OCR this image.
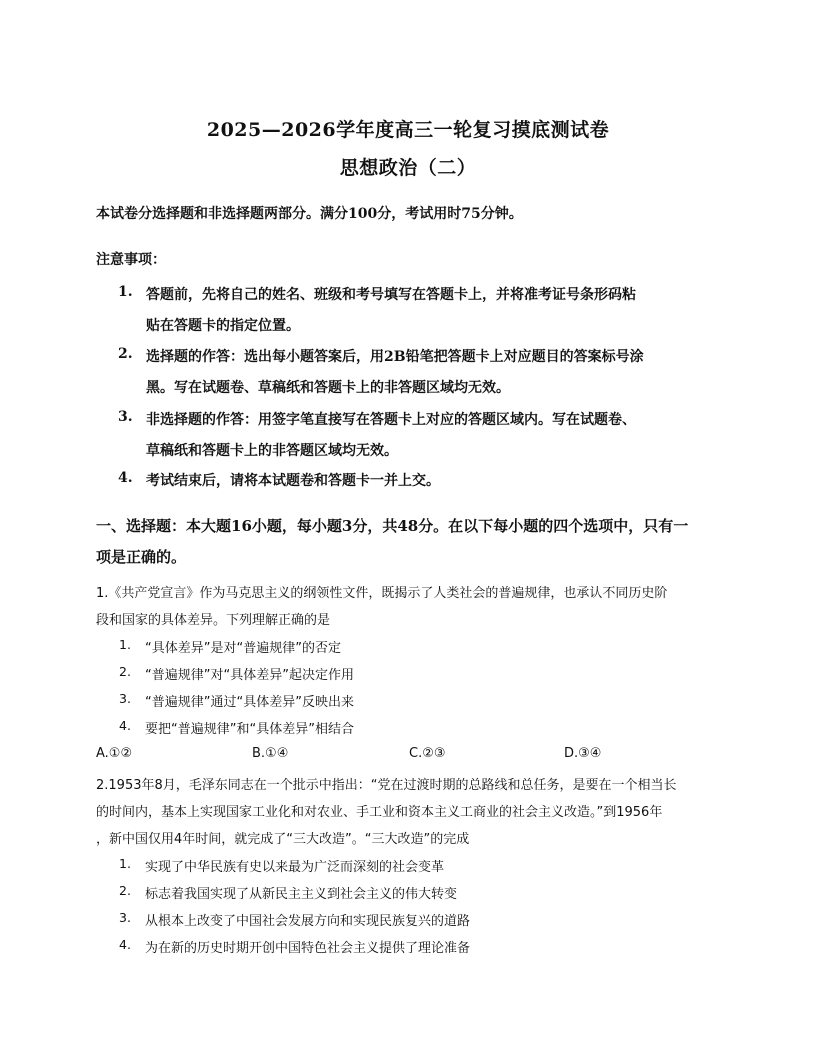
2025—2026学年度高三一轮复习摸底测试卷
思想政治（二）
本试卷分选择题和非选择题两部分。满分100分，考试用时75分钟。
注意事项：
1. 答题前，先将自己的姓名、班级和考号填写在答题卡上，并将准考证号条形码粘
贴在答题卡的指定位置。
2. 选择题的作答：选出每小题答案后，用2B铅笔把答题卡上对应题目的答案标号涂
黑。写在试题卷、草稿纸和答题卡上的非答题区域均无效。
3. 非选择题的作答：用签字笔直接写在答题卡上对应的答题区域内。写在试题卷、
草稿纸和答题卡上的非答题区域均无效。
4. 考试结束后，请将本试题卷和答题卡一并上交。
一、选择题：本大题16小题，每小题3分，共48分。在以下每小题的四个选项中，只有一
项是正确的。
1.《共产党宣言》作为马克思主义的纲领性文件，既揭示了人类社会的普遍规律，也承认不同历史阶
段和国家的具体差异。下列理解正确的是
1. “具体差异”是对“普遍规律”的否定
2. “普遍规律”对“具体差异”起决定作用
3. “普遍规律”通过“具体差异”反映出来
4. 要把“普遍规律”和“具体差异”相结合
A.①②	B.①④	C.②③	D.③④
2.1953年8月，毛泽东同志在一个批示中指出：“党在过渡时期的总路线和总任务，是要在一个相当长
的时间内，基本上实现国家工业化和对农业、手工业和资本主义工商业的社会主义改造。”到1956年
，新中国仅用4年时间，就完成了“三大改造”。“三大改造”的完成
1. 实现了中华民族有史以来最为广泛而深刻的社会变革
2. 标志着我国实现了从新民主主义到社会主义的伟大转变
3. 从根本上改变了中国社会发展方向和实现民族复兴的道路
4. 为在新的历史时期开创中国特色社会主义提供了理论准备
